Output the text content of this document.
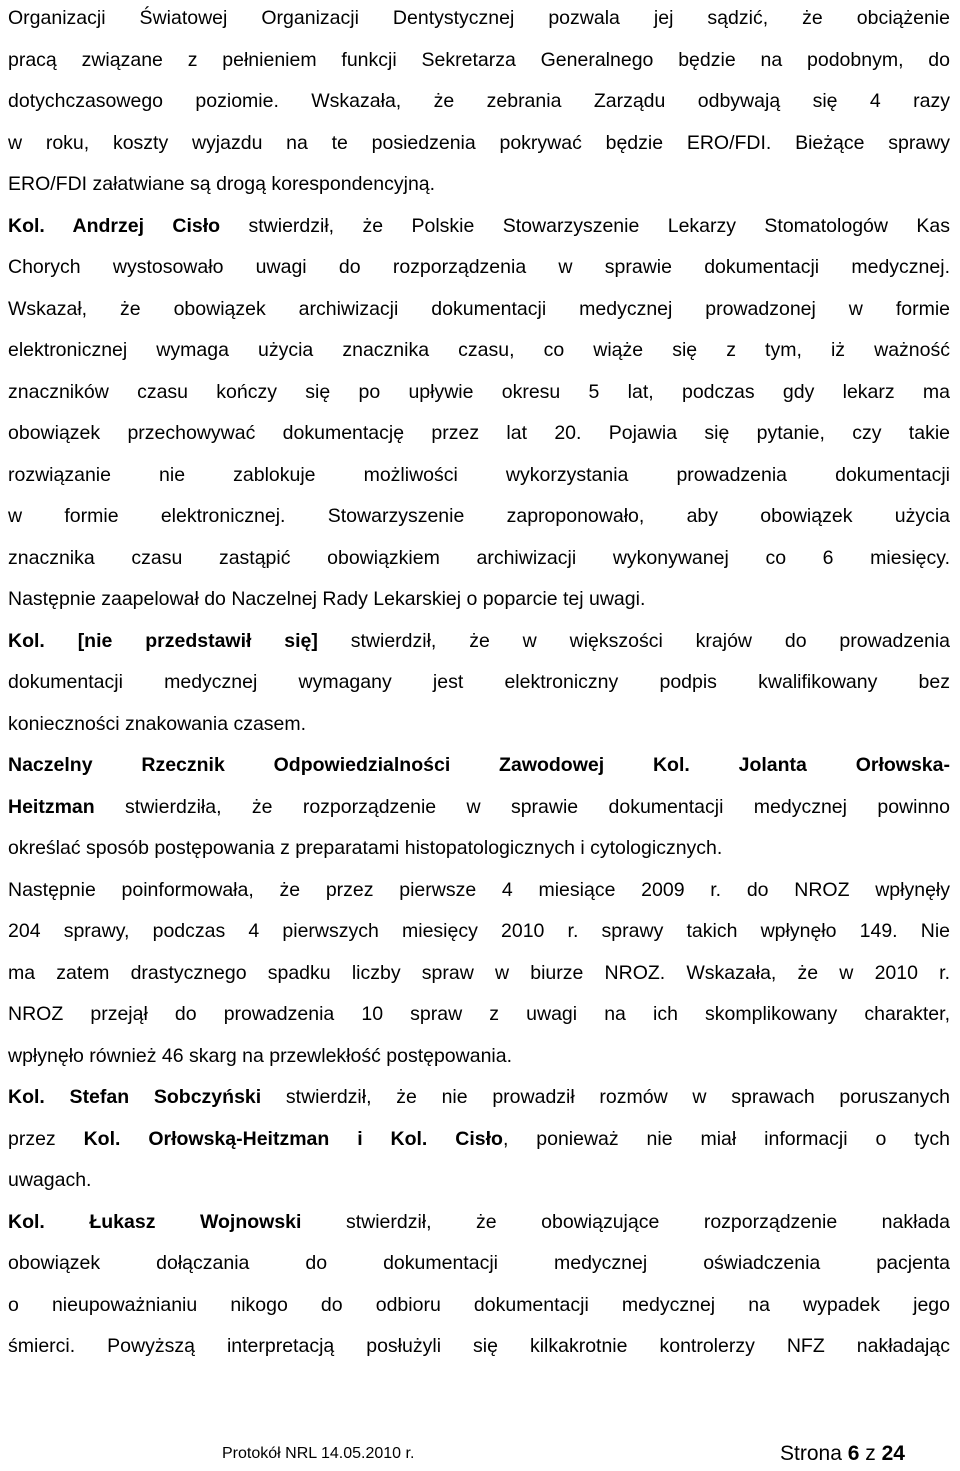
Organizacji Światowej Organizacji Dentystycznej pozwala jej sądzić, że obciążenie
pracą związane z pełnieniem funkcji Sekretarza Generalnego będzie na podobnym, do
dotychczasowego poziomie. Wskazała, że zebrania Zarządu odbywają się 4 razy
w roku, koszty wyjazdu na te posiedzenia pokrywać będzie ERO/FDI. Bieżące sprawy
ERO/FDI załatwiane są drogą korespondencyjną.
Kol. Andrzej Cisło stwierdził, że Polskie Stowarzyszenie Lekarzy Stomatologów Kas
Chorych wystosowało uwagi do rozporządzenia w sprawie dokumentacji medycznej.
Wskazał, że obowiązek archiwizacji dokumentacji medycznej prowadzonej w formie
elektronicznej wymaga użycia znacznika czasu, co wiąże się z tym, iż ważność
znaczników czasu kończy się po upływie okresu 5 lat, podczas gdy lekarz ma
obowiązek przechowywać dokumentację przez lat 20. Pojawia się pytanie, czy takie
rozwiązanie nie zablokuje możliwości wykorzystania prowadzenia dokumentacji
w formie elektronicznej. Stowarzyszenie zaproponowało, aby obowiązek użycia
znacznika czasu zastąpić obowiązkiem archiwizacji wykonywanej co 6 miesięcy.
Następnie zaapelował do Naczelnej Rady Lekarskiej o poparcie tej uwagi.
Kol. [nie przedstawił się] stwierdził, że w większości krajów do prowadzenia
dokumentacji medycznej wymagany jest elektroniczny podpis kwalifikowany bez
konieczności znakowania czasem.
Naczelny Rzecznik Odpowiedzialności Zawodowej Kol. Jolanta Orłowska-
Heitzman stwierdziła, że rozporządzenie w sprawie dokumentacji medycznej powinno
określać sposób postępowania z preparatami histopatologicznych i cytologicznych.
Następnie poinformowała, że przez pierwsze 4 miesiące 2009 r. do NROZ wpłynęły
204 sprawy, podczas 4 pierwszych miesięcy 2010 r. sprawy takich wpłynęło 149. Nie
ma zatem drastycznego spadku liczby spraw w biurze NROZ. Wskazała, że w 2010 r.
NROZ przejął do prowadzenia 10 spraw z uwagi na ich skomplikowany charakter,
wpłynęło również 46 skarg na przewlekłość postępowania.
Kol. Stefan Sobczyński stwierdził, że nie prowadził rozmów w sprawach poruszanych
przez Kol. Orłowską-Heitzman i Kol. Cisło, ponieważ nie miał informacji o tych
uwagach.
Kol. Łukasz Wojnowski stwierdził, że obowiązujące rozporządzenie nakłada
obowiązek dołączania do dokumentacji medycznej oświadczenia pacjenta
o nieupoważnianiu nikogo do odbioru dokumentacji medycznej na wypadek jego
śmierci. Powyższą interpretacją posłużyli się kilkakrotnie kontrolerzy NFZ nakładając
Protokół NRL 14.05.2010 r.	Strona 6 z 24
